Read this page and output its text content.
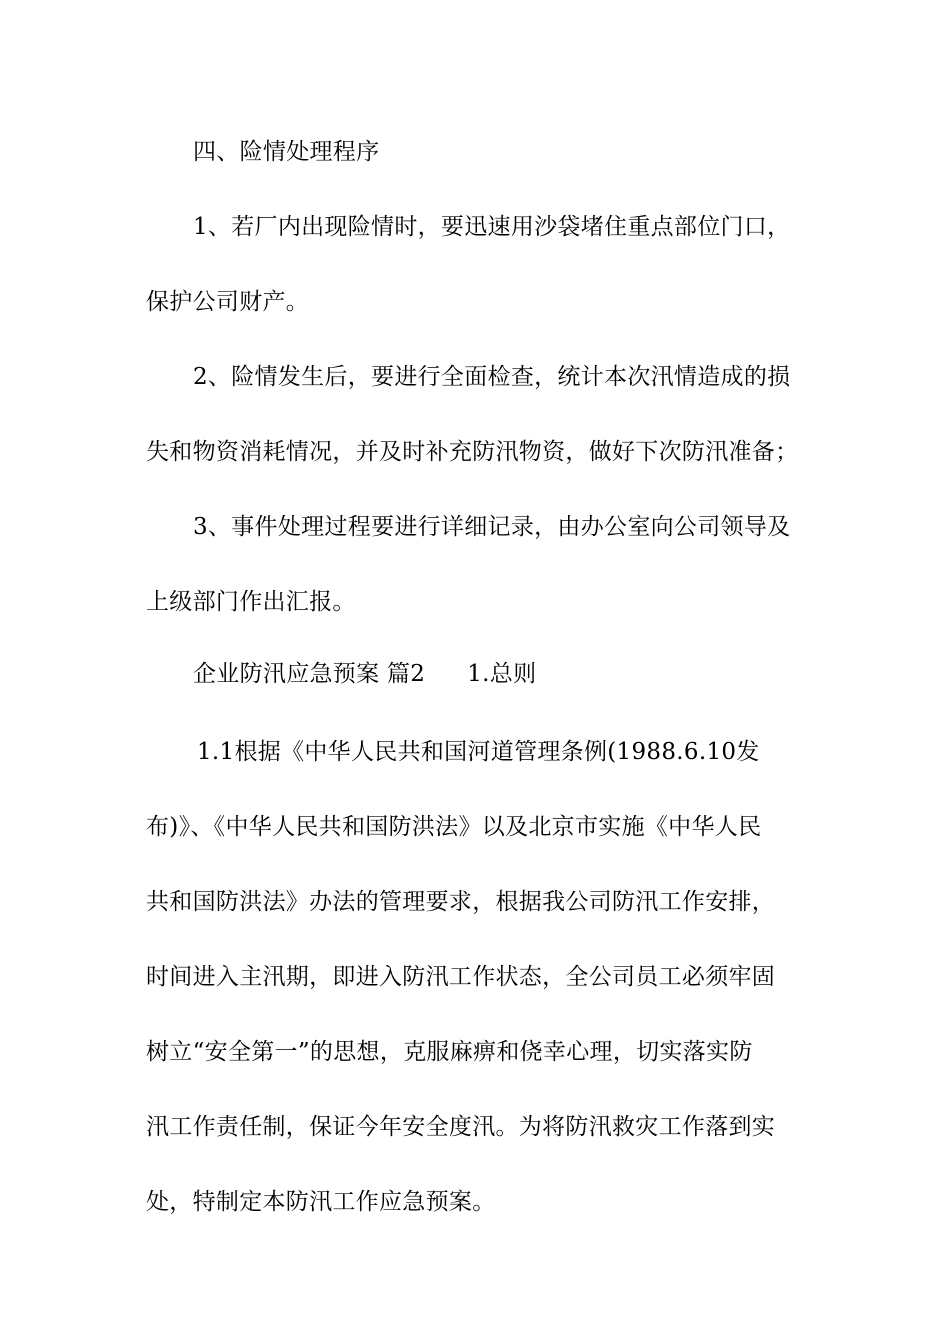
四、险情处理程序
1、若厂内出现险情时，要迅速用沙袋堵住重点部位门口，
保护公司财产。
2、险情发生后，要进行全面检查，统计本次汛情造成的损
失和物资消耗情况，并及时补充防汛物资，做好下次防汛准备；
3、事件处理过程要进行详细记录，由办公室向公司领导及
上级部门作出汇报。
企业防汛应急预案 篇2 1.总则
1.1根据《中华人民共和国河道管理条例(1988.6.10发
布)》、《中华人民共和国防洪法》以及北京市实施《中华人民
共和国防洪法》办法的管理要求，根据我公司防汛工作安排，
时间进入主汛期，即进入防汛工作状态，全公司员工必须牢固
树立“安全第一”的思想，克服麻痹和侥幸心理，切实落实防
汛工作责任制，保证今年安全度汛。为将防汛救灾工作落到实
处，特制定本防汛工作应急预案。
